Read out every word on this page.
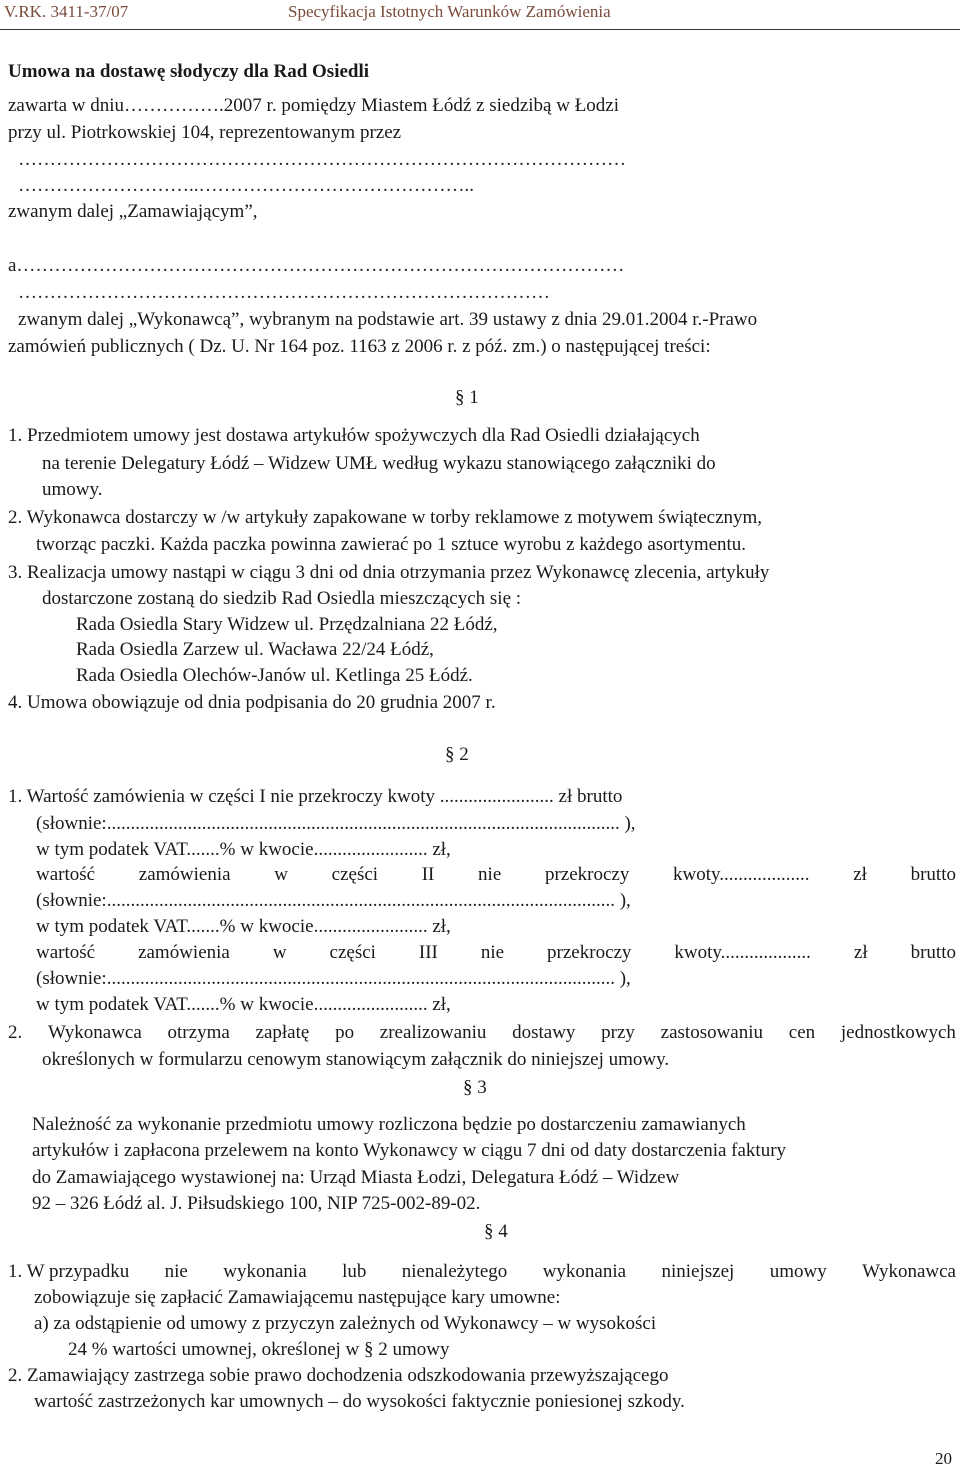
V.RK. 3411-37/07	Specyfikacja Istotnych Warunków Zamówienia
Umowa na dostawę słodyczy dla Rad Osiedli
zawarta w dniu…………….2007 r. pomiędzy Miastem Łódź z siedzibą w Łodzi
przy ul. Piotrkowskiej 104, reprezentowanym przez
……………………………………………………………………………………
………………………..……………………………………..
zwanym dalej „Zamawiającym”,
a……………………………………………………………………………………
…………………………………………………………………………
zwanym dalej „Wykonawcą”, wybranym na podstawie art. 39 ustawy z dnia 29.01.2004 r.-Prawo
zamówień publicznych ( Dz. U. Nr 164 poz. 1163 z 2006 r. z póź. zm.) o następującej treści:
§ 1
1. Przedmiotem umowy jest dostawa artykułów spożywczych dla Rad Osiedli działających
na terenie Delegatury Łódź – Widzew UMŁ według wykazu stanowiącego załączniki do
umowy.
2. Wykonawca dostarczy w /w artykuły zapakowane w torby reklamowe z motywem świątecznym,
tworząc paczki. Każda paczka powinna zawierać po 1 sztuce wyrobu z każdego asortymentu.
3. Realizacja umowy nastąpi w ciągu 3 dni od dnia otrzymania przez Wykonawcę zlecenia, artykuły
dostarczone zostaną do siedzib Rad Osiedla mieszczących się :
Rada Osiedla Stary Widzew ul. Przędzalniana 22 Łódź,
Rada Osiedla Zarzew ul. Wacława 22/24 Łódź,
Rada Osiedla Olechów-Janów ul. Ketlinga 25 Łódź.
4. Umowa obowiązuje od dnia podpisania do 20 grudnia 2007 r.
§ 2
1. Wartość zamówienia w części I nie przekroczy kwoty ........................ zł brutto
(słownie:............................................................................................................ ),
w tym podatek VAT.......% w kwocie........................ zł,
wartość zamówienia w części II nie przekroczy kwoty................... zł brutto
(słownie:........................................................................................................... ),
w tym podatek VAT.......% w kwocie........................ zł,
wartość zamówienia w części III nie przekroczy kwoty................... zł brutto
(słownie:........................................................................................................... ),
w tym podatek VAT.......% w kwocie........................ zł,
2. Wykonawca otrzyma zapłatę po zrealizowaniu dostawy przy zastosowaniu cen jednostkowych
określonych w formularzu cenowym stanowiącym załącznik do niniejszej umowy.
§ 3
Należność za wykonanie przedmiotu umowy rozliczona będzie po dostarczeniu zamawianych
artykułów i zapłacona przelewem na konto Wykonawcy w ciągu 7 dni od daty dostarczenia faktury
do Zamawiającego wystawionej na: Urząd Miasta Łodzi, Delegatura Łódź – Widzew
92 – 326 Łódź al. J. Piłsudskiego 100, NIP 725-002-89-02.
§ 4
1. W przypadku nie wykonania lub nienależytego wykonania niniejszej umowy Wykonawca
zobowiązuje się zapłacić Zamawiającemu następujące kary umowne:
a) za odstąpienie od umowy z przyczyn zależnych od Wykonawcy – w wysokości
24 % wartości umownej, określonej w § 2 umowy
2. Zamawiający zastrzega sobie prawo dochodzenia odszkodowania przewyższającego
wartość zastrzeżonych kar umownych – do wysokości faktycznie poniesionej szkody.
20
